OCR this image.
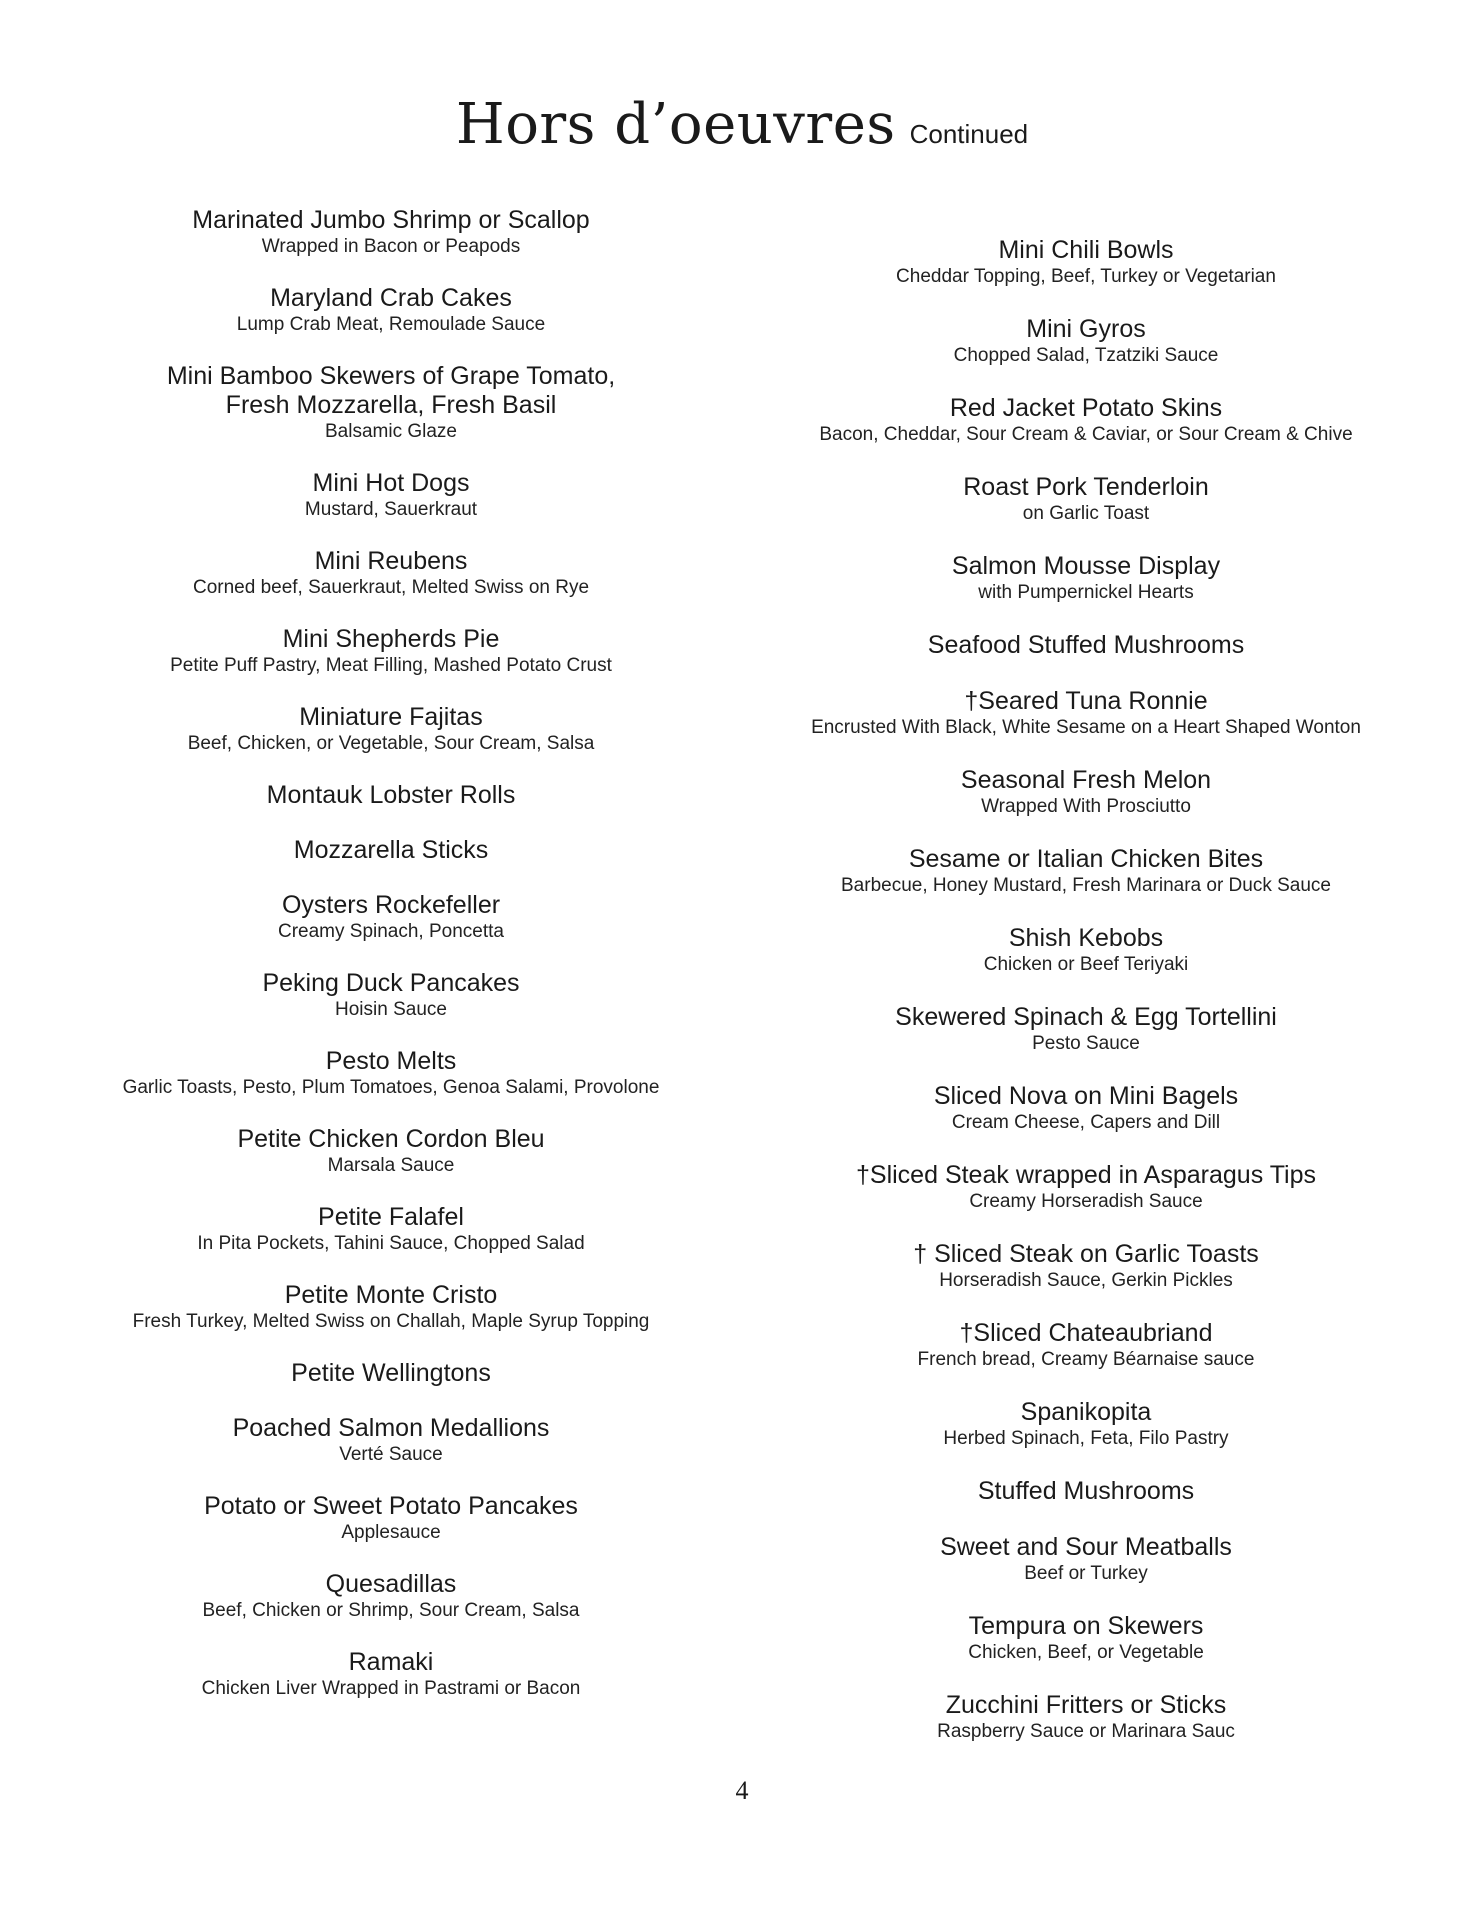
Hors d’oeuvres Continued
Marinated Jumbo Shrimp or Scallop
Wrapped in Bacon or Peapods
Maryland Crab Cakes
Lump Crab Meat, Remoulade Sauce
Mini Bamboo Skewers of Grape Tomato,
Fresh Mozzarella, Fresh Basil
Balsamic Glaze
Mini Hot Dogs
Mustard, Sauerkraut
Mini Reubens
Corned beef, Sauerkraut, Melted Swiss on Rye
Mini Shepherds Pie
Petite Puff Pastry, Meat Filling, Mashed Potato Crust
Miniature Fajitas
Beef, Chicken, or Vegetable, Sour Cream, Salsa
Montauk Lobster Rolls
Mozzarella Sticks
Oysters Rockefeller
Creamy Spinach, Poncetta
Peking Duck Pancakes
Hoisin Sauce
Pesto Melts
Garlic Toasts, Pesto, Plum Tomatoes, Genoa Salami, Provolone
Petite Chicken Cordon Bleu
Marsala Sauce
Petite Falafel
In Pita Pockets, Tahini Sauce, Chopped Salad
Petite Monte Cristo
Fresh Turkey, Melted Swiss on Challah, Maple Syrup Topping
Petite Wellingtons
Poached Salmon Medallions
Verté Sauce
Potato or Sweet Potato Pancakes
Applesauce
Quesadillas
Beef, Chicken or Shrimp, Sour Cream, Salsa
Ramaki
Chicken Liver Wrapped in Pastrami or Bacon
Mini Chili Bowls
Cheddar Topping, Beef, Turkey or Vegetarian
Mini Gyros
Chopped Salad, Tzatziki Sauce
Red Jacket Potato Skins
Bacon, Cheddar, Sour Cream & Caviar, or Sour Cream & Chive
Roast Pork Tenderloin
on Garlic Toast
Salmon Mousse Display
with Pumpernickel Hearts
Seafood Stuffed Mushrooms
†Seared Tuna Ronnie
Encrusted With Black, White Sesame on a Heart Shaped Wonton
Seasonal Fresh Melon
Wrapped With Prosciutto
Sesame or Italian Chicken Bites
Barbecue, Honey Mustard, Fresh Marinara or Duck Sauce
Shish Kebobs
Chicken or Beef Teriyaki
Skewered Spinach & Egg Tortellini
Pesto Sauce
Sliced Nova on Mini Bagels
Cream Cheese, Capers and Dill
†Sliced Steak wrapped in Asparagus Tips
Creamy Horseradish Sauce
† Sliced Steak on Garlic Toasts
Horseradish Sauce, Gerkin Pickles
†Sliced Chateaubriand
French bread, Creamy Béarnaise sauce
Spanikopita
Herbed Spinach, Feta, Filo Pastry
Stuffed Mushrooms
Sweet and Sour Meatballs
Beef or Turkey
Tempura on Skewers
Chicken, Beef, or Vegetable
Zucchini Fritters or Sticks
Raspberry Sauce or Marinara Sauc
4
